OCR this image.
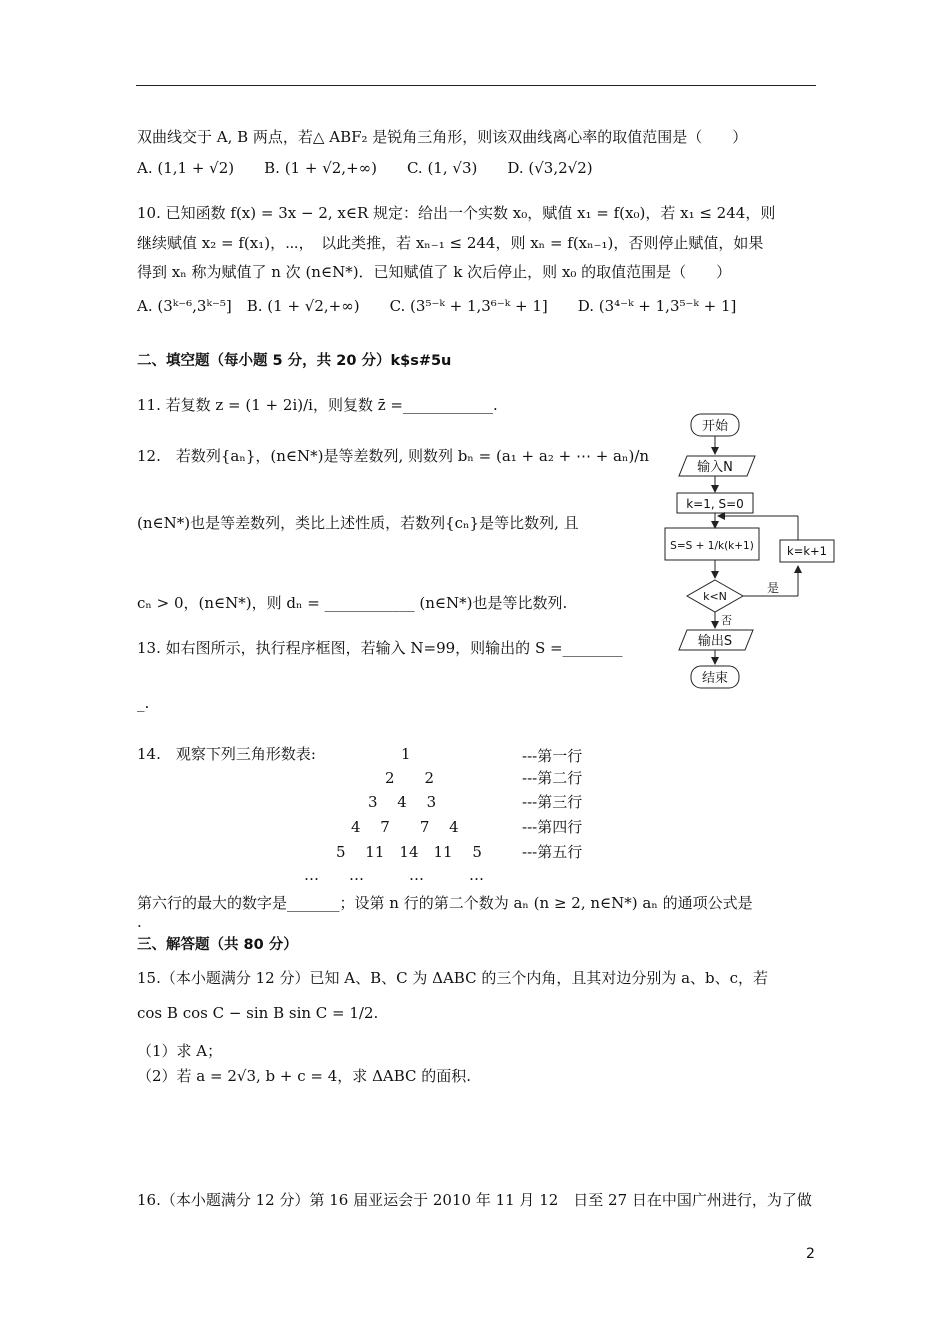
双曲线交于 A, B 两点，若△ ABF₂ 是锐角三角形，则该双曲线离心率的取值范围是（　　）
A. (1,1 + √2)　　B. (1 + √2,+∞)　　C. (1, √3)　　D. (√3,2√2)
10. 已知函数 f(x) = 3x − 2, x∈R 规定：给出一个实数 x₀，赋值 x₁ = f(x₀)，若 x₁ ≤ 244，则
继续赋值 x₂ = f(x₁)，⋯，　以此类推，若 xₙ₋₁ ≤ 244，则 xₙ = f(xₙ₋₁)，否则停止赋值，如果
得到 xₙ 称为赋值了 n 次 (n∈N*)．已知赋值了 k 次后停止，则 x₀ 的取值范围是（　　）
A. (3ᵏ⁻⁶,3ᵏ⁻⁵]　B. (1 + √2,+∞)　　C. (3⁵⁻ᵏ + 1,3⁶⁻ᵏ + 1]　　D. (3⁴⁻ᵏ + 1,3⁵⁻ᵏ + 1]
二、填空题（每小题 5 分，共 20 分）k$s#5u
11. 若复数 z = (1 + 2i)/i，则复数 z̄ =____________.
12.　若数列{aₙ}，(n∈N*)是等差数列, 则数列 bₙ = (a₁ + a₂ + ⋯ + aₙ)/n
(n∈N*)也是等差数列，类比上述性质，若数列{cₙ}是等比数列, 且
cₙ > 0，(n∈N*)，则 dₙ = ____________ (n∈N*)也是等比数列.
13. 如右图所示，执行程序框图，若输入 N=99，则输出的 S =________
_.
开始
输入N
k=1, S=0
S=S + 1/k(k+1)
k<N
是
否
k=k+1
输出S
结束
14.　观察下列三角形数表:	1
2　　2
3　 4　 3
4　 7　　7　 4
5　 11　14　11　 5
…　　…　　　…　　　…
---第一行
---第二行
---第三行
---第四行
---第五行
第六行的最大的数字是_______；设第 n 行的第二个数为 aₙ (n ≥ 2, n∈N*) aₙ 的通项公式是
.
三、解答题（共 80 分）
15.（本小题满分 12 分）已知 A、B、C 为 ΔABC 的三个内角，且其对边分别为 a、b、c，若
cos B cos C − sin B sin C = 1/2.
（1）求 A；
（2）若 a = 2√3, b + c = 4，求 ΔABC 的面积.
16.（本小题满分 12 分）第 16 届亚运会于 2010 年 11 月 12　日至 27 日在中国广州进行，为了做
2
